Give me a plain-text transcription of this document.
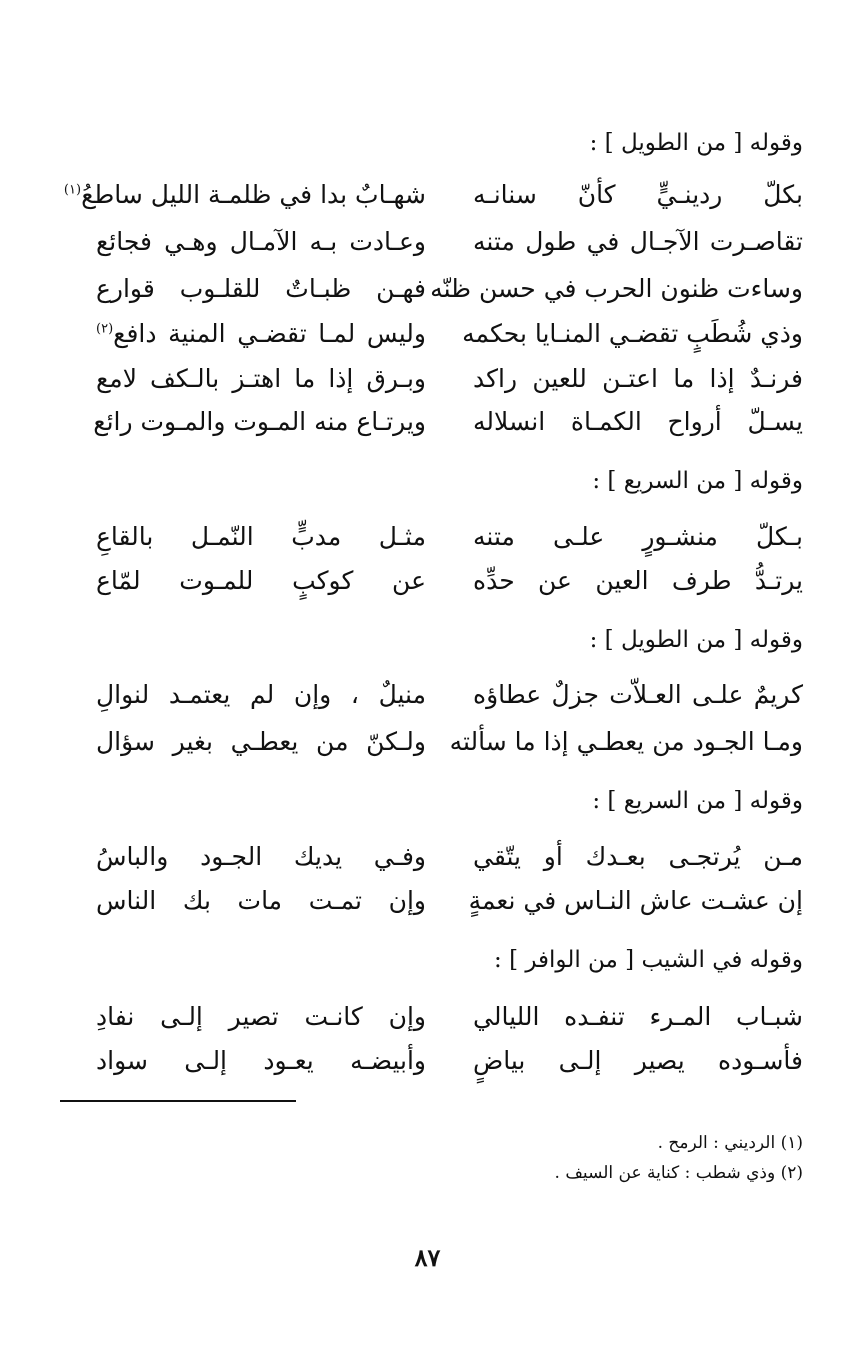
وقوله [ من الطويل ] :
بكلّ ردينـيٍّ كأنّ سنانـه
شهـابٌ بدا في ظلمـة الليل ساطعُ$^{(١)}$
تقاصـرت الآجـال في طول متنه
وعـادت بـه الآمـال وهـي فجائع
وساءت ظنون الحرب في حسن ظنّه
فهـن ظبـاتٌ للقلـوب قوارع
وذي شُطَبٍ تقضـي المنـايا بحكمه
وليس لمـا تقضـي المنية دافع$^{(٢)}$
فرنـدٌ إذا ما اعتـن للعين راكد
وبـرق إذا ما اهتـز بالـكف لامع
يسـلّ أرواح الكمـاة انسلاله
ويرتـاع منه المـوت والمـوت رائع
وقوله [ من السريع ] :
بـكلّ منشـورٍ علـى متنه
مثـل مدبٍّ النّمـل بالقاعِ
يرتـدُّ طرف العين عن حدِّه
عن كوكبٍ للمـوت لمّاع
وقوله [ من الطويل ] :
كريمٌ علـى العـلاّت جزلٌ عطاؤه
منيلٌ ، وإن لم يعتمـد لنوالِ
ومـا الجـود من يعطـي إذا ما سألته
ولـكنّ من يعطـي بغير سؤال
وقوله [ من السريع ] :
مـن يُرتجـى بعـدك أو يتّقي
وفـي يديك الجـود والباسُ
إن عشـت عاش النـاس في نعمةٍ
وإن تمـت مات بك الناس
وقوله في الشيب [ من الوافر ] :
شبـاب المـرء تنفـده الليالي
وإن كانـت تصير إلـى نفادِ
فأسـوده يصير إلـى بياضٍ
وأبيضـه يعـود إلـى سواد
(١) الرديني : الرمح .
(٢) وذي شطب : كناية عن السيف .
٨٧
